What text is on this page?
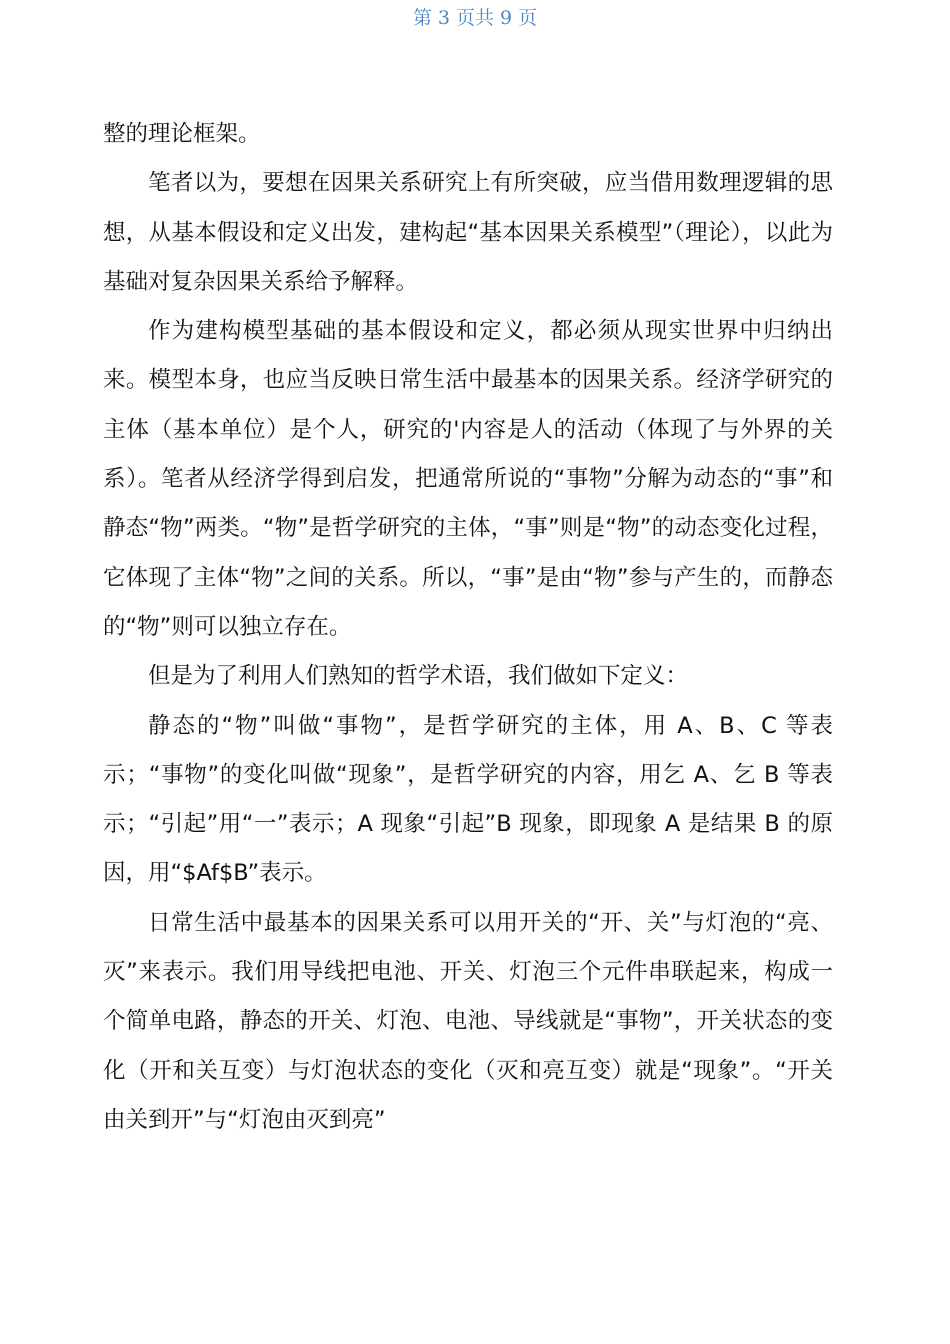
第 3 页共 9 页

整的理论框架。

笔者以为，要想在因果关系研究上有所突破，应当借用数理逻辑的思想，从基本假设和定义出发，建构起“基本因果关系模型”（理论），以此为基础对复杂因果关系给予解释。

作为建构模型基础的基本假设和定义，都必须从现实世界中归纳出来。模型本身，也应当反映日常生活中最基本的因果关系。经济学研究的主体（基本单位）是个人，研究的'内容是人的活动（体现了与外界的关系）。笔者从经济学得到启发，把通常所说的“事物”分解为动态的“事”和静态“物”两类。“物”是哲学研究的主体，“事”则是“物”的动态变化过程，它体现了主体“物”之间的关系。所以，“事”是由“物”参与产生的，而静态的“物”则可以独立存在。

但是为了利用人们熟知的哲学术语，我们做如下定义：

静态的“物”叫做“事物”，是哲学研究的主体，用 A、B、C 等表示；“事物”的变化叫做“现象”，是哲学研究的内容，用乞 A、乞 B 等表示；“引起”用“一”表示；A 现象“引起”B 现象，即现象 A 是结果 B 的原因，用“$Af$B”表示。

日常生活中最基本的因果关系可以用开关的“开、关”与灯泡的“亮、灭”来表示。我们用导线把电池、开关、灯泡三个元件串联起来，构成一个简单电路，静态的开关、灯泡、电池、导线就是“事物”，开关状态的变化（开和关互变）与灯泡状态的变化（灭和亮互变）就是“现象”。“开关由关到开”与“灯泡由灭到亮”
